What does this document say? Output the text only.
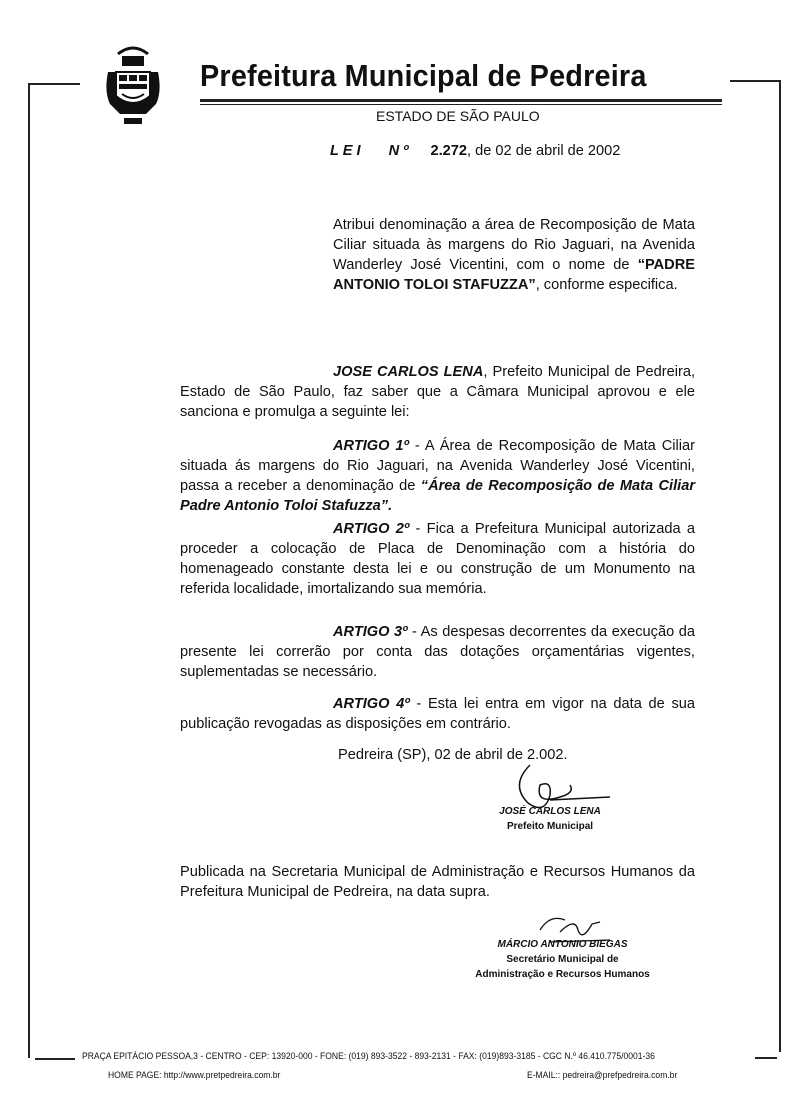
Prefeitura Municipal de Pedreira
ESTADO DE SÃO PAULO
L E I N º 2.272, de 02 de abril de 2002
Atribui denominação a área de Recomposição de Mata Ciliar situada às margens do Rio Jaguari, na Avenida Wanderley José Vicentini, com o nome de “PADRE ANTONIO TOLOI STAFUZZA”, conforme especifica.
JOSE CARLOS LENA, Prefeito Municipal de Pedreira, Estado de São Paulo, faz saber que a Câmara Municipal aprovou e ele sanciona e promulga a seguinte lei:
ARTIGO 1º - A Área de Recomposição de Mata Ciliar situada ás margens do Rio Jaguari, na Avenida Wanderley José Vicentini, passa a receber a denominação de “Área de Recomposição de Mata Ciliar Padre Antonio Toloi Stafuzza”.
ARTIGO 2º - Fica a Prefeitura Municipal autorizada a proceder a colocação de Placa de Denominação com a história do homenageado constante desta lei e ou construção de um Monumento na referida localidade, imortalizando sua memória.
ARTIGO 3º - As despesas decorrentes da execução da presente lei correrão por conta das dotações orçamentárias vigentes, suplementadas se necessário.
ARTIGO 4º - Esta lei entra em vigor na data de sua publicação revogadas as disposições em contrário.
Pedreira (SP), 02 de abril de 2.002.
JOSÉ CARLOS LENA
Prefeito Municipal
Publicada na Secretaria Municipal de Administração e Recursos Humanos da Prefeitura Municipal de Pedreira, na data supra.
MÁRCIO ANTONIO BIEGAS
Secretário Municipal de
Administração e Recursos Humanos
PRAÇA EPITÁCIO PESSOA,3 - CENTRO - CEP: 13920-000 - FONE: (019) 893-3522 - 893-2131 - FAX: (019)893-3185 - CGC N.º 46.410.775/0001-36
HOME PAGE: http://www.pretpedreira.com.br	E-MAIL:: pedreira@prefpedreira.com.br
